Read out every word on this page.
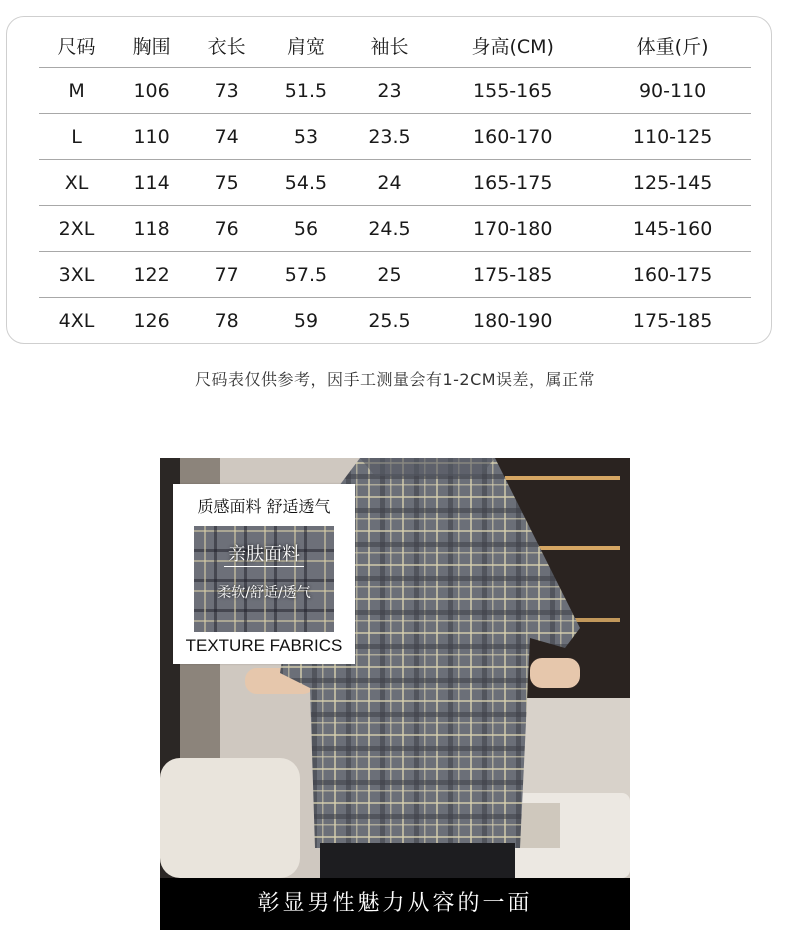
尺码	胸围	衣长	肩宽	袖长	身高(CM)	体重(斤)
M	106	73	51.5	23	155-165	90-110
L	110	74	53	23.5	160-170	110-125
XL	114	75	54.5	24	165-175	125-145
2XL	118	76	56	24.5	170-180	145-160
3XL	122	77	57.5	25	175-185	160-175
4XL	126	78	59	25.5	180-190	175-185
尺码表仅供参考，因手工测量会有1-2CM误差，属正常
质感面料 舒适透气
亲肤面料
柔软/舒适/透气
TEXTURE FABRICS
彰显男性魅力从容的一面
